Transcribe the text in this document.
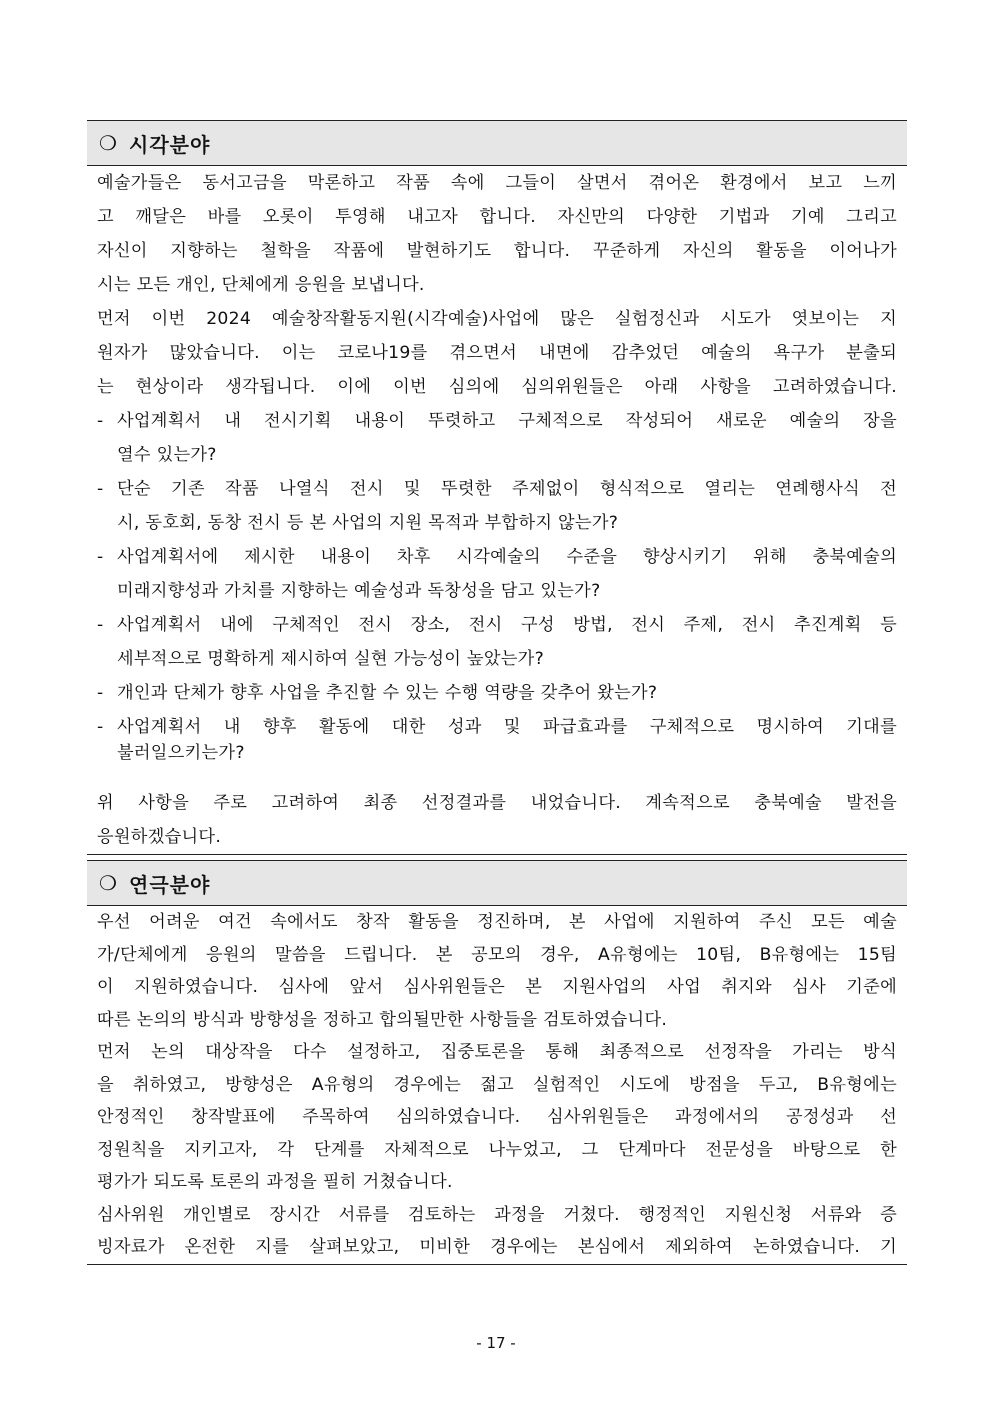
❍ 시각분야

예술가들은 동서고금을 막론하고 작품 속에 그들이 살면서 겪어온 환경에서 보고 느끼
고 깨달은 바를 오롯이 투영해 내고자 합니다. 자신만의 다양한 기법과 기예 그리고
자신이 지향하는 철학을 작품에 발현하기도 합니다. 꾸준하게 자신의 활동을 이어나가
시는 모든 개인, 단체에게 응원을 보냅니다.

먼저 이번 2024 예술창작활동지원(시각예술)사업에 많은 실험정신과 시도가 엿보이는 지
원자가 많았습니다. 이는 코로나19를 겪으면서 내면에 감추었던 예술의 욕구가 분출되
는 현상이라 생각됩니다. 이에 이번 심의에 심의위원들은 아래 사항을 고려하였습니다.

- 사업계획서 내 전시기획 내용이 뚜렷하고 구체적으로 작성되어 새로운 예술의 장을
열수 있는가?
- 단순 기존 작품 나열식 전시 및 뚜렷한 주제없이 형식적으로 열리는 연례행사식 전
시, 동호회, 동창 전시 등 본 사업의 지원 목적과 부합하지 않는가?
- 사업계획서에 제시한 내용이 차후 시각예술의 수준을 향상시키기 위해 충북예술의
미래지향성과 가치를 지향하는 예술성과 독창성을 담고 있는가?
- 사업계획서 내에 구체적인 전시 장소, 전시 구성 방법, 전시 주제, 전시 추진계획 등
세부적으로 명확하게 제시하여 실현 가능성이 높았는가?
- 개인과 단체가 향후 사업을 추진할 수 있는 수행 역량을 갖추어 왔는가?
- 사업계획서 내 향후 활동에 대한 성과 및 파급효과를 구체적으로 명시하여 기대를
불러일으키는가?

위 사항을 주로 고려하여 최종 선정결과를 내었습니다. 계속적으로 충북예술 발전을
응원하겠습니다.

❍ 연극분야

우선 어려운 여건 속에서도 창작 활동을 정진하며, 본 사업에 지원하여 주신 모든 예술
가/단체에게 응원의 말씀을 드립니다. 본 공모의 경우, A유형에는 10팀, B유형에는 15팀
이 지원하였습니다. 심사에 앞서 심사위원들은 본 지원사업의 사업 취지와 심사 기준에
따른 논의의 방식과 방향성을 정하고 합의될만한 사항들을 검토하였습니다.

먼저 논의 대상작을 다수 설정하고, 집중토론을 통해 최종적으로 선정작을 가리는 방식
을 취하였고, 방향성은 A유형의 경우에는 젊고 실험적인 시도에 방점을 두고, B유형에는
안정적인 창작발표에 주목하여 심의하였습니다. 심사위원들은 과정에서의 공정성과 선
정원칙을 지키고자, 각 단계를 자체적으로 나누었고, 그 단계마다 전문성을 바탕으로 한
평가가 되도록 토론의 과정을 필히 거쳤습니다.

심사위원 개인별로 장시간 서류를 검토하는 과정을 거쳤다. 행정적인 지원신청 서류와 증
빙자료가 온전한 지를 살펴보았고, 미비한 경우에는 본심에서 제외하여 논하였습니다. 기

- 17 -
